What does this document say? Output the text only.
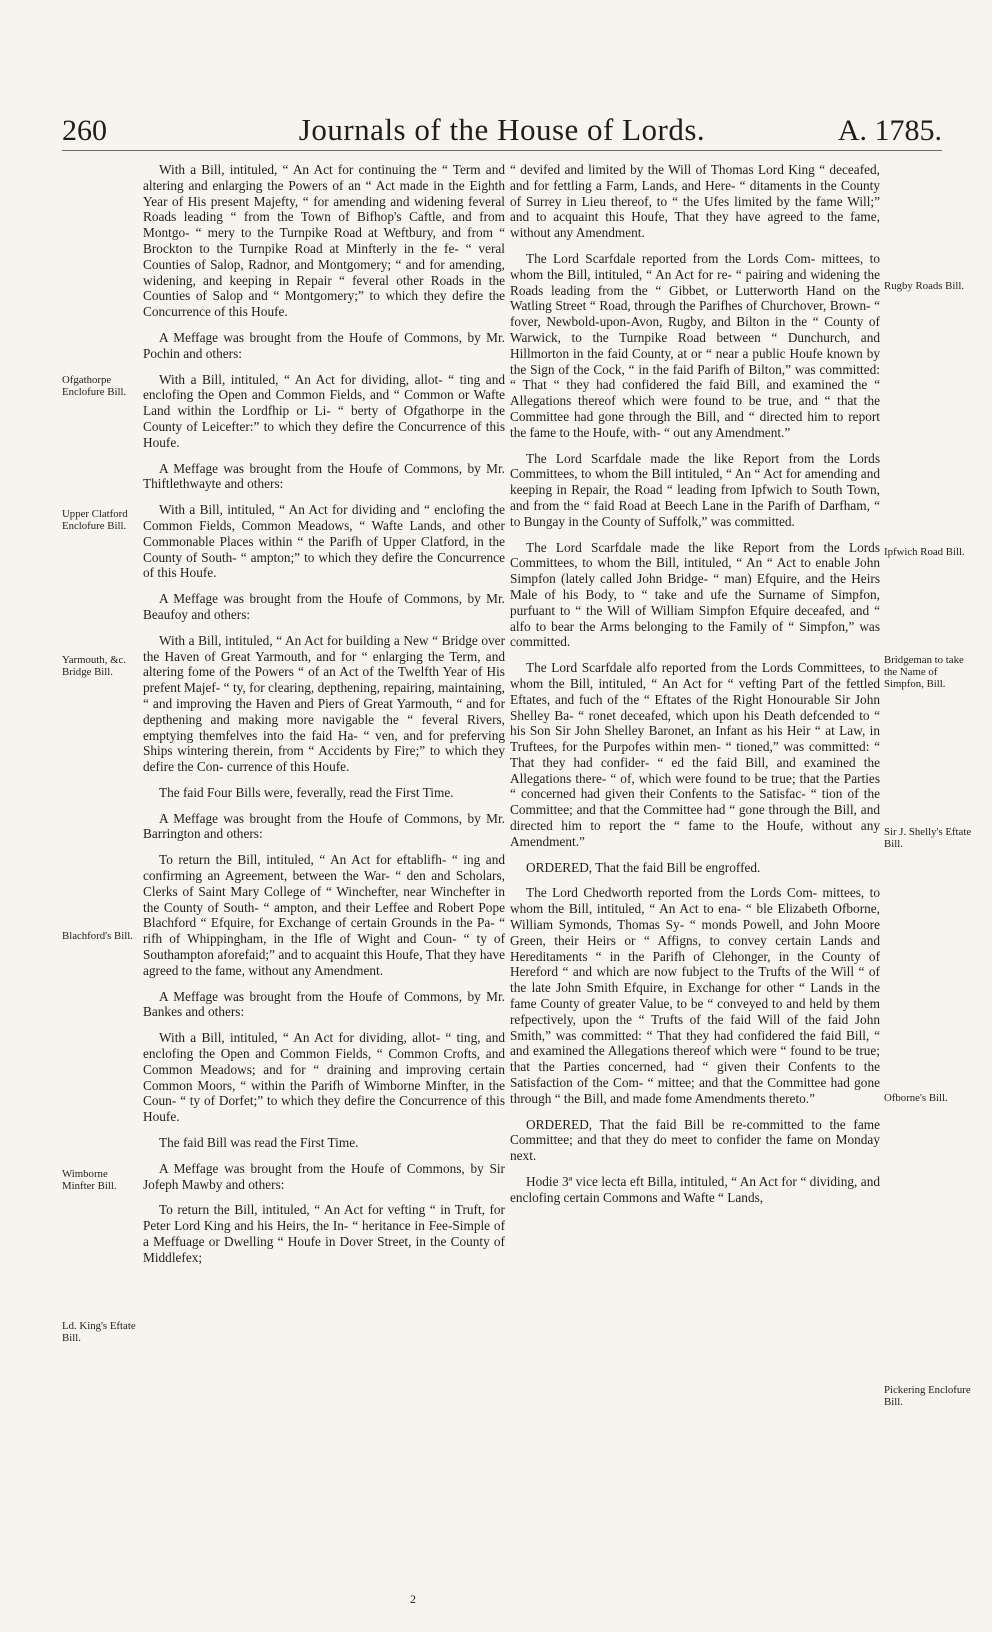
260	Journals of the House of Lords.	A. 1785.
Ofgathorpe Enclofure Bill.
Upper Clatford Enclofure Bill.
Yarmouth, &c. Bridge Bill.
Blachford's Bill.
Wimborne Minfter Bill.
Ld. King's Eftate Bill.

With a Bill, intituled, “ An Act for continuing the “ Term and altering and enlarging the Powers of an “ Act made in the Eighth Year of His present Majefty, “ for amending and widening feveral Roads leading “ from the Town of Bifhop's Caftle, and from Montgo- “ mery to the Turnpike Road at Weftbury, and from “ Brockton to the Turnpike Road at Minfterly in the fe- “ veral Counties of Salop, Radnor, and Montgomery; “ and for amending, widening, and keeping in Repair “ feveral other Roads in the Counties of Salop and “ Montgomery;” to which they defire the Concurrence of this Houfe.

A Meffage was brought from the Houfe of Commons, by Mr. Pochin and others:

With a Bill, intituled, “ An Act for dividing, allot- “ ting and enclofing the Open and Common Fields, and “ Common or Wafte Land within the Lordfhip or Li- “ berty of Ofgathorpe in the County of Leicefter:” to which they defire the Concurrence of this Houfe.

A Meffage was brought from the Houfe of Commons, by Mr. Thiftlethwayte and others:

With a Bill, intituled, “ An Act for dividing and “ enclofing the Common Fields, Common Meadows, “ Wafte Lands, and other Commonable Places within “ the Parifh of Upper Clatford, in the County of South- “ ampton;” to which they defire the Concurrence of this Houfe.

A Meffage was brought from the Houfe of Commons, by Mr. Beaufoy and others:

With a Bill, intituled, “ An Act for building a New “ Bridge over the Haven of Great Yarmouth, and for “ enlarging the Term, and altering fome of the Powers “ of an Act of the Twelfth Year of His prefent Majef- “ ty, for clearing, depthening, repairing, maintaining, “ and improving the Haven and Piers of Great Yarmouth, “ and for depthening and making more navigable the “ feveral Rivers, emptying themfelves into the faid Ha- “ ven, and for preferving Ships wintering therein, from “ Accidents by Fire;” to which they defire the Con- currence of this Houfe.

The faid Four Bills were, feverally, read the First Time.

A Meffage was brought from the Houfe of Commons, by Mr. Barrington and others:

To return the Bill, intituled, “ An Act for eftablifh- “ ing and confirming an Agreement, between the War- “ den and Scholars, Clerks of Saint Mary College of “ Winchefter, near Winchefter in the County of South- “ ampton, and their Leffee and Robert Pope Blachford “ Efquire, for Exchange of certain Grounds in the Pa- “ rifh of Whippingham, in the Ifle of Wight and Coun- “ ty of Southampton aforefaid;” and to acquaint this Houfe, That they have agreed to the fame, without any Amendment.

A Meffage was brought from the Houfe of Commons, by Mr. Bankes and others:

With a Bill, intituled, “ An Act for dividing, allot- “ ting, and enclofing the Open and Common Fields, “ Common Crofts, and Common Meadows; and for “ draining and improving certain Common Moors, “ within the Parifh of Wimborne Minfter, in the Coun- “ ty of Dorfet;” to which they defire the Concurrence of this Houfe.

The faid Bill was read the First Time.

A Meffage was brought from the Houfe of Commons, by Sir Jofeph Mawby and others:

To return the Bill, intituled, “ An Act for vefting “ in Truft, for Peter Lord King and his Heirs, the In- “ heritance in Fee-Simple of a Meffuage or Dwelling “ Houfe in Dover Street, in the County of Middlefex;

“ devifed and limited by the Will of Thomas Lord King “ deceafed, and for fettling a Farm, Lands, and Here- “ ditaments in the County of Surrey in Lieu thereof, to “ the Ufes limited by the fame Will;” and to acquaint this Houfe, That they have agreed to the fame, without any Amendment.

The Lord Scarfdale reported from the Lords Com- mittees, to whom the Bill, intituled, “ An Act for re- “ pairing and widening the Roads leading from the “ Gibbet, or Lutterworth Hand on the Watling Street “ Road, through the Parifhes of Churchover, Brown- “ fover, Newbold-upon-Avon, Rugby, and Bilton in the “ County of Warwick, to the Turnpike Road between “ Dunchurch, and Hillmorton in the faid County, at or “ near a public Houfe known by the Sign of the Cock, “ in the faid Parifh of Bilton,” was committed: “ That “ they had confidered the faid Bill, and examined the “ Allegations thereof which were found to be true, and “ that the Committee had gone through the Bill, and “ directed him to report the fame to the Houfe, with- “ out any Amendment.”

The Lord Scarfdale made the like Report from the Lords Committees, to whom the Bill intituled, “ An “ Act for amending and keeping in Repair, the Road “ leading from Ipfwich to South Town, and from the “ faid Road at Beech Lane in the Parifh of Darfham, “ to Bungay in the County of Suffolk,” was committed.

The Lord Scarfdale made the like Report from the Lords Committees, to whom the Bill, intituled, “ An “ Act to enable John Simpfon (lately called John Bridge- “ man) Efquire, and the Heirs Male of his Body, to “ take and ufe the Surname of Simpfon, purfuant to “ the Will of William Simpfon Efquire deceafed, and “ alfo to bear the Arms belonging to the Family of “ Simpfon,” was committed.

The Lord Scarfdale alfo reported from the Lords Committees, to whom the Bill, intituled, “ An Act for “ vefting Part of the fettled Eftates, and fuch of the “ Eftates of the Right Honourable Sir John Shelley Ba- “ ronet deceafed, which upon his Death defcended to “ his Son Sir John Shelley Baronet, an Infant as his Heir “ at Law, in Truftees, for the Purpofes within men- “ tioned,” was committed: “ That they had confider- “ ed the faid Bill, and examined the Allegations there- “ of, which were found to be true; that the Parties “ concerned had given their Confents to the Satisfac- “ tion of the Committee; and that the Committee had “ gone through the Bill, and directed him to report the “ fame to the Houfe, without any Amendment.”

ORDERED, That the faid Bill be engroffed.

The Lord Chedworth reported from the Lords Com- mittees, to whom the Bill, intituled, “ An Act to ena- “ ble Elizabeth Ofborne, William Symonds, Thomas Sy- “ monds Powell, and John Moore Green, their Heirs or “ Affigns, to convey certain Lands and Hereditaments “ in the Parifh of Clehonger, in the County of Hereford “ and which are now fubject to the Trufts of the Will “ of the late John Smith Efquire, in Exchange for other “ Lands in the fame County of greater Value, to be “ conveyed to and held by them refpectively, upon the “ Trufts of the faid Will of the faid John Smith,” was committed: “ That they had confidered the faid Bill, “ and examined the Allegations thereof which were “ found to be true; that the Parties concerned, had “ given their Confents to the Satisfaction of the Com- “ mittee; and that the Committee had gone through “ the Bill, and made fome Amendments thereto.”

ORDERED, That the faid Bill be re-committed to the fame Committee; and that they do meet to confider the fame on Monday next.

Hodie 3ª vice lecta eft Billa, intituled, “ An Act for “ dividing, and enclofing certain Commons and Wafte “ Lands,

Rugby Roads Bill.
Ipfwich Road Bill.
Bridgeman to take the Name of Simpfon, Bill.
Sir J. Shelly's Eftate Bill.
Ofborne's Bill.
Pickering Enclofure Bill.
2
